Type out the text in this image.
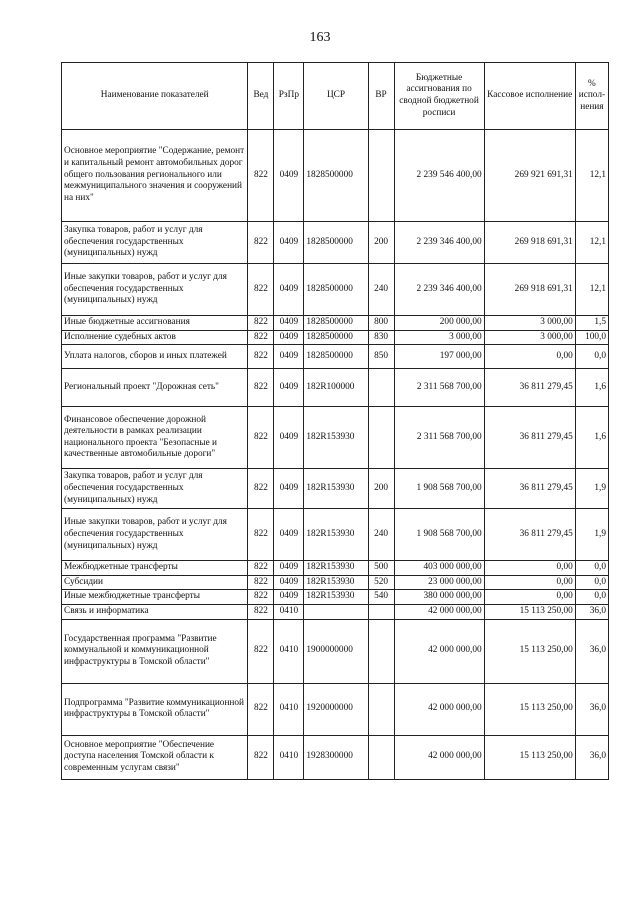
163
Наименование показателей	Вед	РзПр	ЦСР	ВР	Бюджетные ассигнования по сводной бюджетной росписи	Кассовое исполнение	% испол-нения
Основное мероприятие "Содержание, ремонт и капитальный ремонт автомобильных дорог общего пользования регионального или межмуниципального значения и сооружений на них"	822	0409	1828500000		2 239 546 400,00	269 921 691,31	12,1
Закупка товаров, работ и услуг для обеспечения государственных (муниципальных) нужд	822	0409	1828500000	200	2 239 346 400,00	269 918 691,31	12,1
Иные закупки товаров, работ и услуг для обеспечения государственных (муниципальных) нужд	822	0409	1828500000	240	2 239 346 400,00	269 918 691,31	12,1
Иные бюджетные ассигнования	822	0409	1828500000	800	200 000,00	3 000,00	1,5
Исполнение судебных актов	822	0409	1828500000	830	3 000,00	3 000,00	100,0
Уплата налогов, сборов и иных платежей	822	0409	1828500000	850	197 000,00	0,00	0,0
Региональный проект "Дорожная сеть"	822	0409	182R100000		2 311 568 700,00	36 811 279,45	1,6
Финансовое обеспечение дорожной деятельности в рамках реализации национального проекта "Безопасные и качественные автомобильные дороги"	822	0409	182R153930		2 311 568 700,00	36 811 279,45	1,6
Закупка товаров, работ и услуг для обеспечения государственных (муниципальных) нужд	822	0409	182R153930	200	1 908 568 700,00	36 811 279,45	1,9
Иные закупки товаров, работ и услуг для обеспечения государственных (муниципальных) нужд	822	0409	182R153930	240	1 908 568 700,00	36 811 279,45	1,9
Межбюджетные трансферты	822	0409	182R153930	500	403 000 000,00	0,00	0,0
Субсидии	822	0409	182R153930	520	23 000 000,00	0,00	0,0
Иные межбюджетные трансферты	822	0409	182R153930	540	380 000 000,00	0,00	0,0
Связь и информатика	822	0410			42 000 000,00	15 113 250,00	36,0
Государственная программа "Развитие коммунальной и коммуникационной инфраструктуры в Томской области"	822	0410	1900000000		42 000 000,00	15 113 250,00	36,0
Подпрограмма "Развитие коммуникационной инфраструктуры в Томской области"	822	0410	1920000000		42 000 000,00	15 113 250,00	36,0
Основное мероприятие "Обеспечение доступа населения Томской области к современным услугам связи"	822	0410	1928300000		42 000 000,00	15 113 250,00	36,0
